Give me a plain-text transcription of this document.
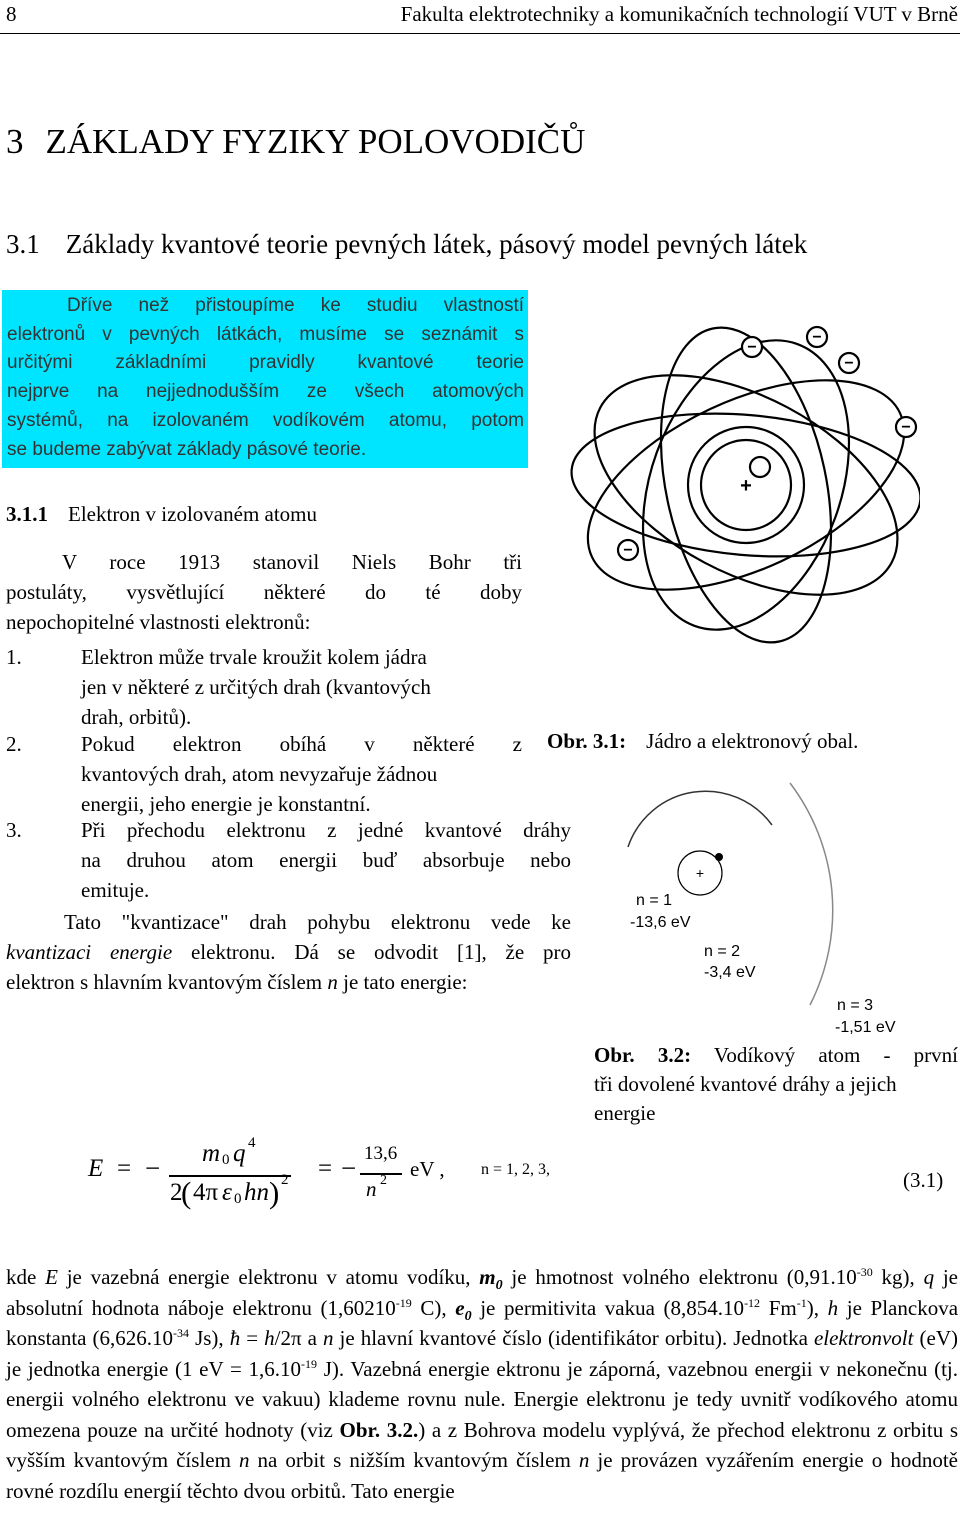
8	Fakulta elektrotechniky a komunikačních technologií VUT v Brně
3 ZÁKLADY FYZIKY POLOVODIČŮ
3.1 Základy kvantové teorie pevných látek, pásový model pevných látek
Dříve než přistoupíme ke studiu vlastností
elektronů v pevných látkách, musíme se seznámit s
určitými základními pravidly kvantové teorie
nejprve na nejjednodušším ze všech atomových
systémů, na izolovaném vodíkovém atomu, potom
se budeme zabývat základy pásové teorie.
3.1.1 Elektron v izolovaném atomu
V roce 1913 stanovil Niels Bohr tři
postuláty, vysvětlující některé do té doby
nepochopitelné vlastnosti elektronů:
1.	Elektron může trvale kroužit kolem jádra
jen v některé z určitých drah (kvantových
drah, orbitů).
2.	Pokud elektron obíhá v některé z
kvantových drah, atom nevyzařuje žádnou
energii, jeho energie je konstantní.
3.	Při přechodu elektronu z jedné kvantové dráhy
na druhou atom energii buď absorbuje nebo
emituje.
Tato "kvantizace" drah pohybu elektronu vede ke
kvantizaci energie elektronu. Dá se odvodit [1], že pro
elektron s hlavním kvantovým číslem n je tato energie:
+
−
−
−
−
−
Obr. 3.1: Jádro a elektronový obal.
+
n = 1
-13,6 eV
n = 2
-3,4 eV
n = 3
-1,51 eV
Obr. 3.2: Vodíkový atom - první
tři dovolené kvantové dráhy a jejich
energie
E = − m 0 q 4
2
( 4π ε 0 hn ) 2 = − 13,6
n 2 eV , n = 1, 2, 3,	(3.1)
kde E je vazebná energie elektronu v atomu vodíku, $m_0$ je hmotnost volného elektronu ($0,91.10^{-30}$ kg), q je absolutní hodnota náboje elektronu ($1,60210^{-19}$ C), $e_0$ je permitivita vakua ($8,854.10^{-12}$ $Fm^{-1}$), h je Planckova konstanta ($6,626.10^{-34}$ Js), ħ = h/2π a n je hlavní kvantové číslo (identifikátor orbitu). Jednotka elektronvolt (eV) je jednotka energie (1 eV = $1,6.10^{-19}$ J). Vazebná energie ektronu je záporná, vazebnou energii v nekonečnu (tj. energii volného elektronu ve vakuu) klademe rovnu nule. Energie elektronu je tedy uvnitř vodíkového atomu omezena pouze na určité hodnoty (viz Obr. 3.2.) a z Bohrova modelu vyplývá, že přechod elektronu z orbitu s vyšším kvantovým číslem n na orbit s nižším kvantovým číslem n je provázen vyzářením energie o hodnotě rovné rozdílu energií těchto dvou orbitů. Tato energie
